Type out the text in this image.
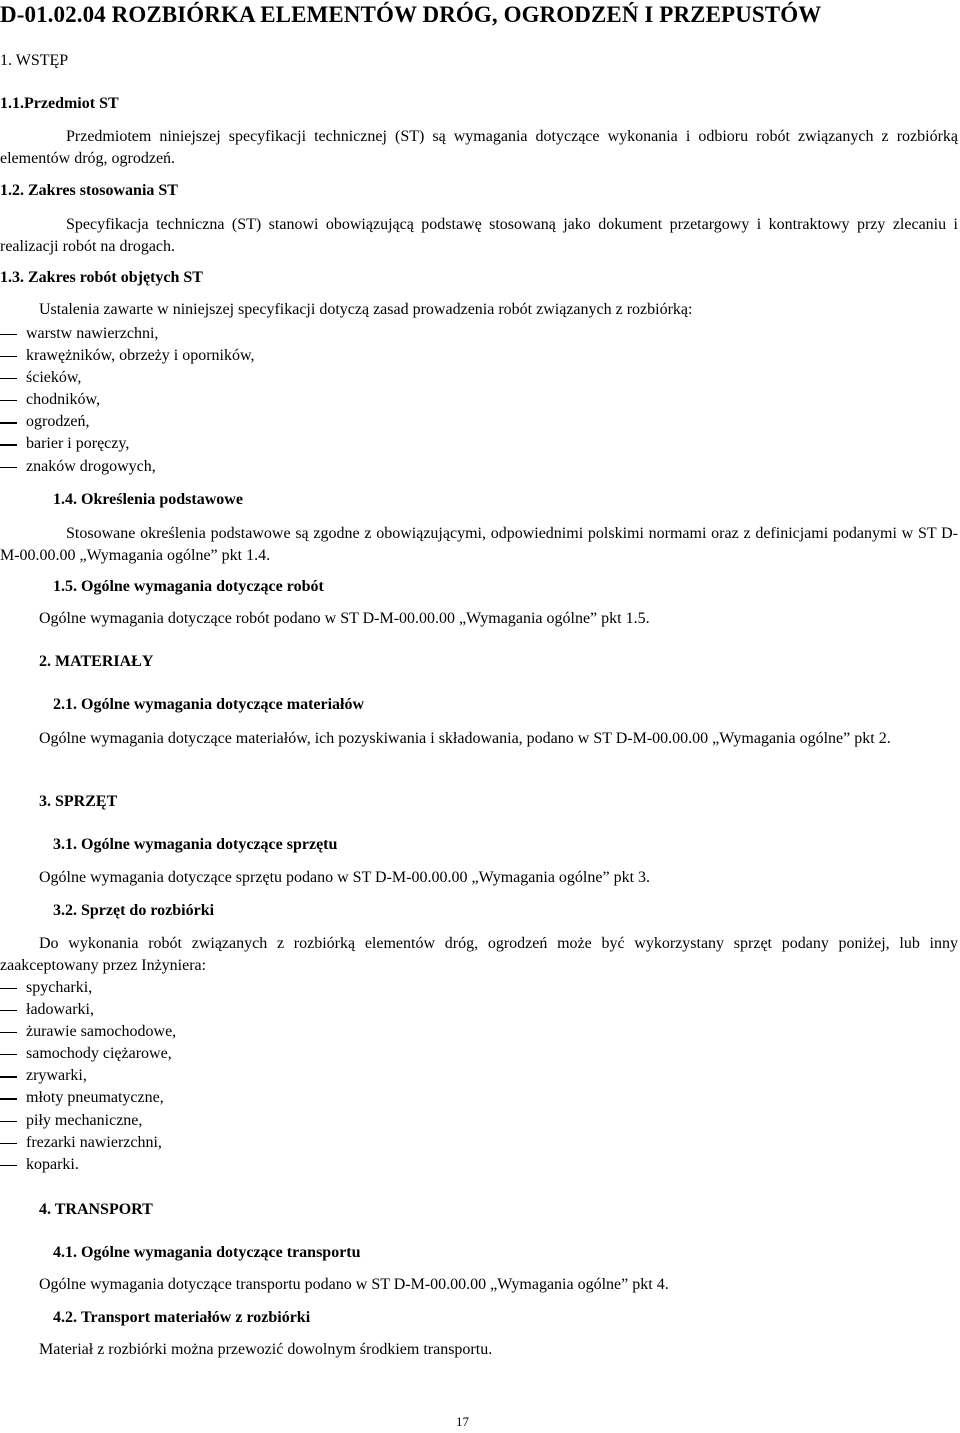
D-01.02.04 ROZBIÓRKA ELEMENTÓW DRÓG, OGRODZEŃ I PRZEPUSTÓW
1. WSTĘP
1.1.Przedmiot ST

Przedmiotem niniejszej specyfikacji technicznej (ST) są wymagania dotyczące wykonania i odbioru robót związanych z rozbiórką elementów dróg, ogrodzeń.

1.2. Zakres stosowania ST

Specyfikacja techniczna (ST) stanowi obowiązującą podstawę stosowaną jako dokument przetargowy i kontraktowy przy zlecaniu i realizacji robót na drogach.

1.3. Zakres robót objętych ST
Ustalenia zawarte w niniejszej specyfikacji dotyczą zasad prowadzenia robót związanych z rozbiórką:
warstw nawierzchni,
krawężników, obrzeży i oporników,
ścieków,
chodników,
ogrodzeń,
barier i poręczy,
znaków drogowych,
1.4. Określenia podstawowe

Stosowane określenia podstawowe są zgodne z obowiązującymi, odpowiednimi polskimi normami oraz z definicjami podanymi w ST D-M-00.00.00 „Wymagania ogólne” pkt 1.4.

1.5. Ogólne wymagania dotyczące robót
Ogólne wymagania dotyczące robót podano w ST D-M-00.00.00 „Wymagania ogólne” pkt 1.5.
2. MATERIAŁY
2.1. Ogólne wymagania dotyczące materiałów

Ogólne wymagania dotyczące materiałów, ich pozyskiwania i składowania, podano w ST D-M-00.00.00 „Wymagania ogólne” pkt 2.

3. SPRZĘT
3.1. Ogólne wymagania dotyczące sprzętu
Ogólne wymagania dotyczące sprzętu podano w ST D-M-00.00.00 „Wymagania ogólne” pkt 3.
3.2. Sprzęt do rozbiórki

Do wykonania robót związanych z rozbiórką elementów dróg, ogrodzeń może być wykorzystany sprzęt podany poniżej, lub inny zaakceptowany przez Inżyniera:

spycharki,
ładowarki,
żurawie samochodowe,
samochody ciężarowe,
zrywarki,
młoty pneumatyczne,
piły mechaniczne,
frezarki nawierzchni,
koparki.
4. TRANSPORT
4.1. Ogólne wymagania dotyczące transportu
Ogólne wymagania dotyczące transportu podano w ST D-M-00.00.00 „Wymagania ogólne” pkt 4.
4.2. Transport materiałów z rozbiórki
Materiał z rozbiórki można przewozić dowolnym środkiem transportu.
17
